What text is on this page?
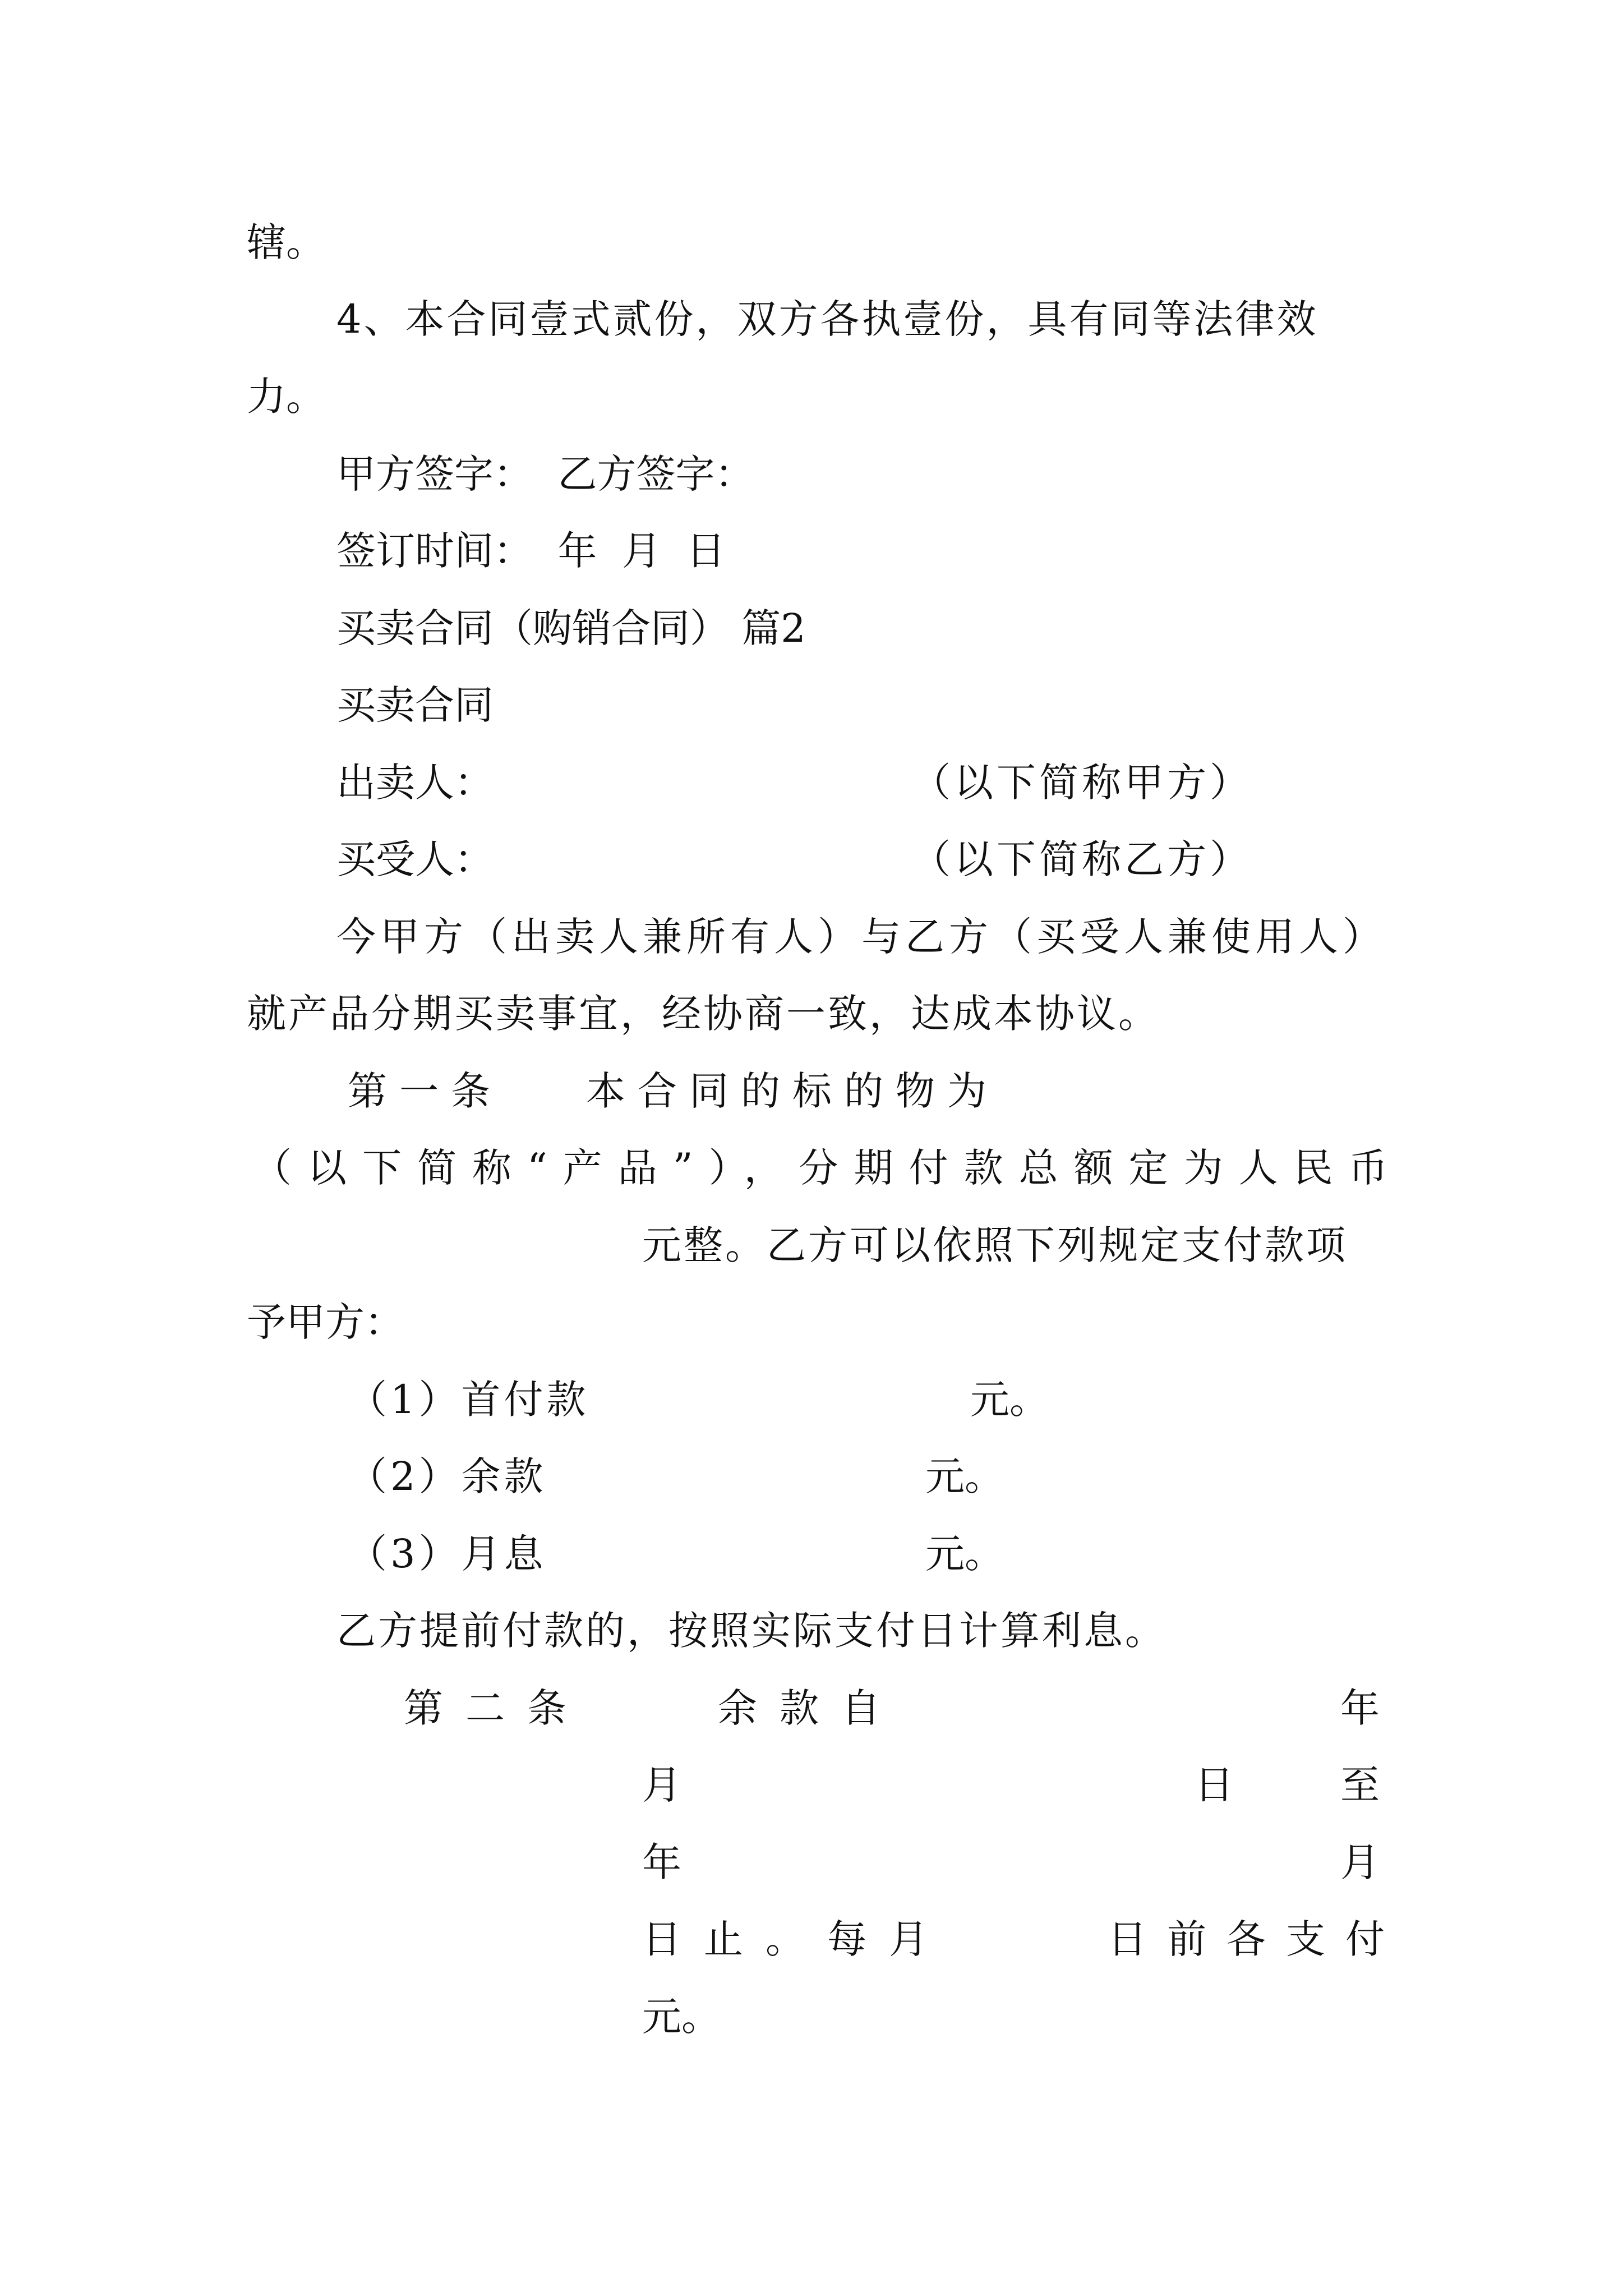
辖。
4、本合同壹式贰份，双方各执壹份，具有同等法律效
力。
甲方签字：  乙方签字：
签订时间：  年  月  日
买卖合同（购销合同） 篇2
买卖合同
出卖人：	（以下简称甲方）
买受人：	（以下简称乙方）
今甲方（出卖人兼所有人）与乙方（买受人兼使用人）
就产品分期买卖事宜，经协商一致，达成本协议。
第一条 本合同的标的物为
（以下简称“产品”），分期付款总额定为人民币
元整。乙方可以依照下列规定支付款项
予甲方：
（1）首付款	元。
（2）余款	元。
（3）月息	元。
乙方提前付款的，按照实际支付日计算利息。
第二条	余款自	年
月	日	至
年	月
日止。每月	日前各支付
元。
